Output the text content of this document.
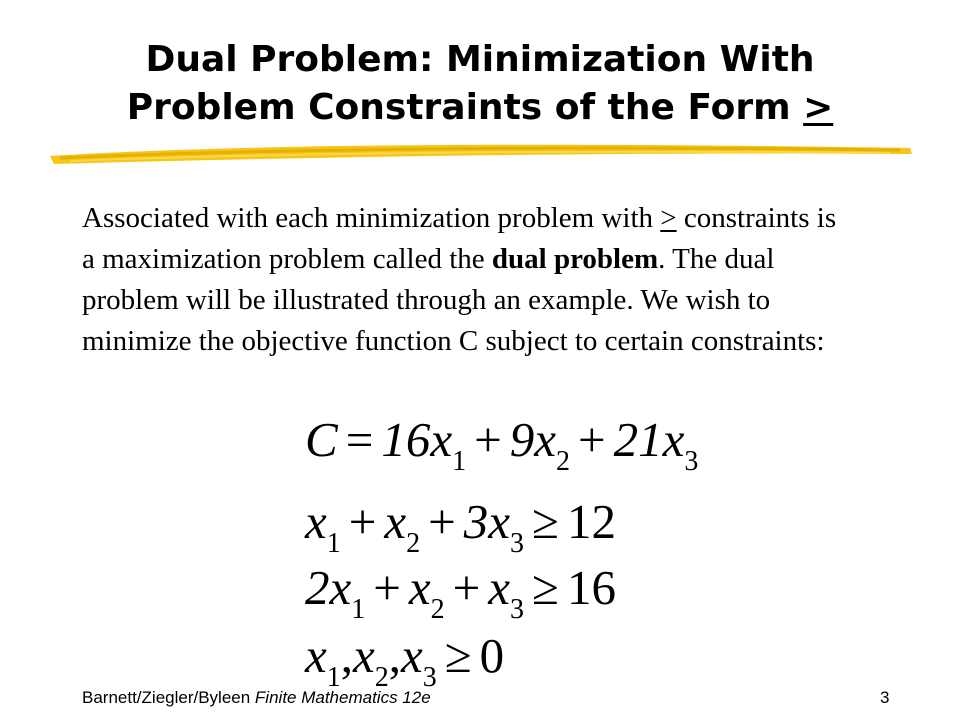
Dual Problem: Minimization With
Problem Constraints of the Form >

Associated with each minimization problem with > constraints is a maximization problem called the dual problem. The dual problem will be illustrated through an example. We wish to minimize the objective function C subject to certain constraints:

$C = 16x_1 + 9x_2 + 21x_3$
$x_1 + x_2 + 3x_3 \ge 12$
$2x_1 + x_2 + x_3 \ge 16$
$x_1,x_2,x_3 \ge 0$
Barnett/Ziegler/Byleen Finite Mathematics 12e	3
